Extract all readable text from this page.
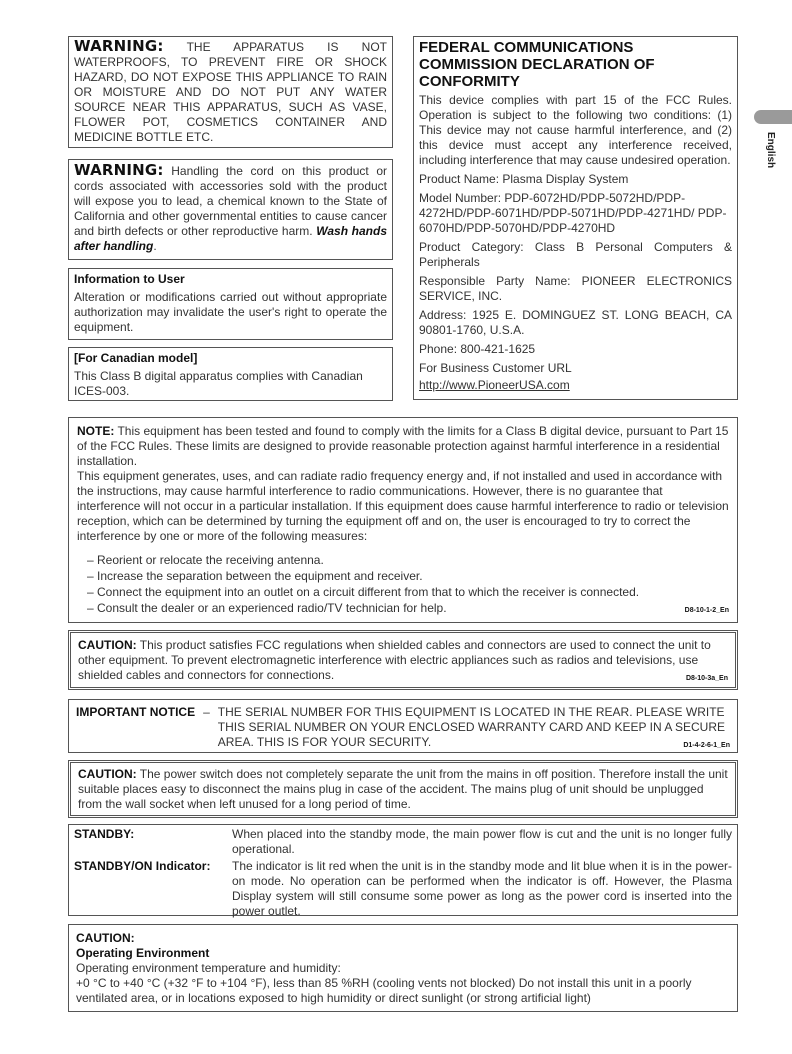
English
WARNING: THE APPARATUS IS NOT WATERPROOFS, TO PREVENT FIRE OR SHOCK HAZARD, DO NOT EXPOSE THIS APPLIANCE TO RAIN OR MOISTURE AND DO NOT PUT ANY WATER SOURCE NEAR THIS APPARATUS, SUCH AS VASE, FLOWER POT, COSMETICS CONTAINER AND MEDICINE BOTTLE ETC.
WARNING: Handling the cord on this product or cords associated with accessories sold with the product will expose you to lead, a chemical known to the State of California and other governmental entities to cause cancer and birth defects or other reproductive harm. Wash hands after handling.
Information to User
Alteration or modifications carried out without appropriate authorization may invalidate the user's right to operate the equipment.
[For Canadian model]
This Class B digital apparatus complies with Canadian ICES-003.
FEDERAL COMMUNICATIONS COMMISSION DECLARATION OF CONFORMITY

This device complies with part 15 of the FCC Rules. Operation is subject to the following two conditions: (1) This device may not cause harmful interference, and (2) this device must accept any interference received, including interference that may cause undesired operation.

Product Name: Plasma Display System

Model Number: PDP-6072HD/PDP-5072HD/PDP-4272HD/PDP-6071HD/PDP-5071HD/PDP-4271HD/ PDP-6070HD/PDP-5070HD/PDP-4270HD

Product Category: Class B Personal Computers & Peripherals

Responsible Party Name: PIONEER ELECTRONICS SERVICE, INC.

Address: 1925 E. DOMINGUEZ ST. LONG BEACH, CA 90801-1760, U.S.A.

Phone: 800-421-1625

For Business Customer URL

http://www.PioneerUSA.com
NOTE: This equipment has been tested and found to comply with the limits for a Class B digital device, pursuant to Part 15 of the FCC Rules. These limits are designed to provide reasonable protection against harmful interference in a residential installation.
This equipment generates, uses, and can radiate radio frequency energy and, if not installed and used in accordance with the instructions, may cause harmful interference to radio communications. However, there is no guarantee that interference will not occur in a particular installation. If this equipment does cause harmful interference to radio or television reception, which can be determined by turning the equipment off and on, the user is encouraged to try to correct the interference by one or more of the following measures:
– Reorient or relocate the receiving antenna.
– Increase the separation between the equipment and receiver.
– Connect the equipment into an outlet on a circuit different from that to which the receiver is connected.
– Consult the dealer or an experienced radio/TV technician for help.	D8-10-1-2_En
CAUTION: This product satisfies FCC regulations when shielded cables and connectors are used to connect the unit to other equipment. To prevent electromagnetic interference with electric appliances such as radios and televisions, use shielded cables and connectors for connections.	D8-10-3a_En
IMPORTANT NOTICE – THE SERIAL NUMBER FOR THIS EQUIPMENT IS LOCATED IN THE REAR. PLEASE WRITE THIS SERIAL NUMBER ON YOUR ENCLOSED WARRANTY CARD AND KEEP IN A SECURE AREA. THIS IS FOR YOUR SECURITY.	D1-4-2-6-1_En
CAUTION: The power switch does not completely separate the unit from the mains in off position. Therefore install the unit suitable places easy to disconnect the mains plug in case of the accident. The mains plug of unit should be unplugged from the wall socket when left unused for a long period of time.
STANDBY:	When placed into the standby mode, the main power flow is cut and the unit is no longer fully operational.
STANDBY/ON Indicator:	The indicator is lit red when the unit is in the standby mode and lit blue when it is in the power-on mode. No operation can be performed when the indicator is off. However, the Plasma Display system will still consume some power as long as the power cord is inserted into the power outlet.
CAUTION:
Operating Environment
Operating environment temperature and humidity:
+0 °C to +40 °C (+32 °F to +104 °F), less than 85 %RH (cooling vents not blocked) Do not install this unit in a poorly ventilated area, or in locations exposed to high humidity or direct sunlight (or strong artificial light)
